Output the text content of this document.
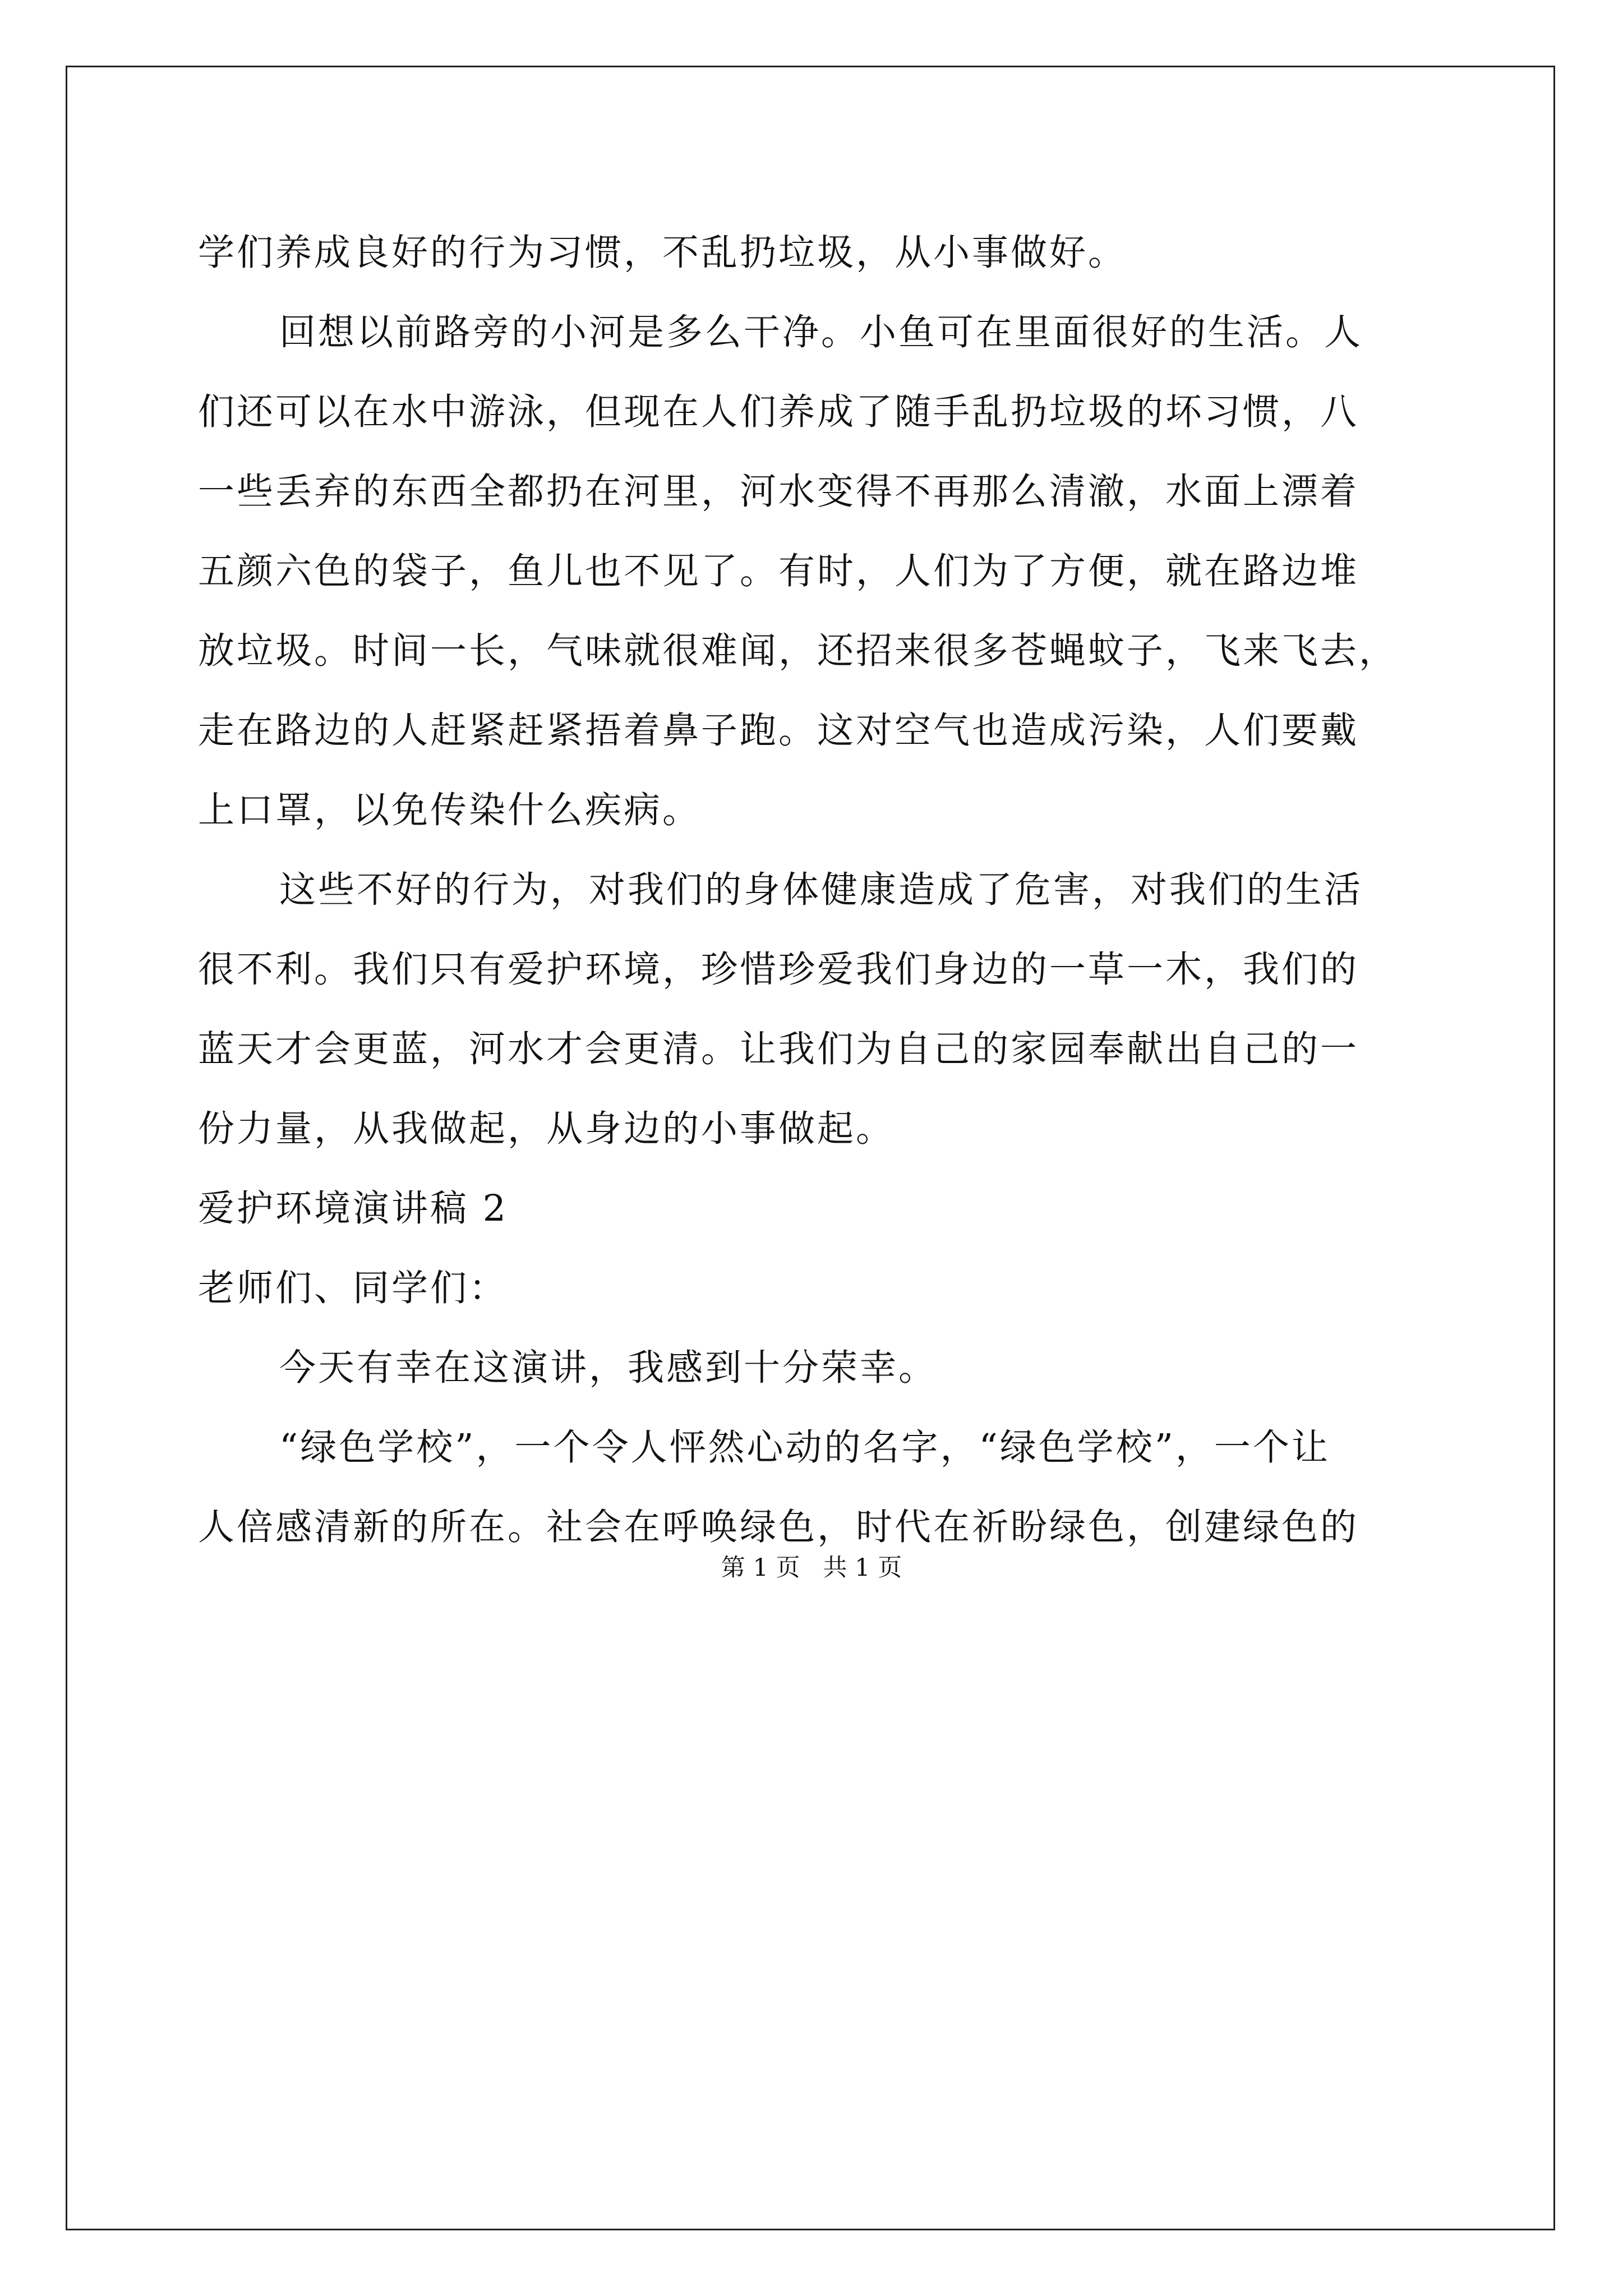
学们养成良好的行为习惯，不乱扔垃圾，从小事做好。
回想以前路旁的小河是多么干净。小鱼可在里面很好的生活。人
们还可以在水中游泳，但现在人们养成了随手乱扔垃圾的坏习惯，八
一些丢弃的东西全都扔在河里，河水变得不再那么清澈，水面上漂着
五颜六色的袋子，鱼儿也不见了。有时，人们为了方便，就在路边堆
放垃圾。时间一长，气味就很难闻，还招来很多苍蝇蚊子，飞来飞去，
走在路边的人赶紧赶紧捂着鼻子跑。这对空气也造成污染，人们要戴
上口罩，以免传染什么疾病。
这些不好的行为，对我们的身体健康造成了危害，对我们的生活
很不利。我们只有爱护环境，珍惜珍爱我们身边的一草一木，我们的
蓝天才会更蓝，河水才会更清。让我们为自己的家园奉献出自己的一
份力量，从我做起，从身边的小事做起。
爱护环境演讲稿 2
老师们、同学们：
今天有幸在这演讲，我感到十分荣幸。
“绿色学校”，一个令人怦然心动的名字，“绿色学校”，一个让
人倍感清新的所在。社会在呼唤绿色，时代在祈盼绿色，创建绿色的
第 1 页   共 1 页
